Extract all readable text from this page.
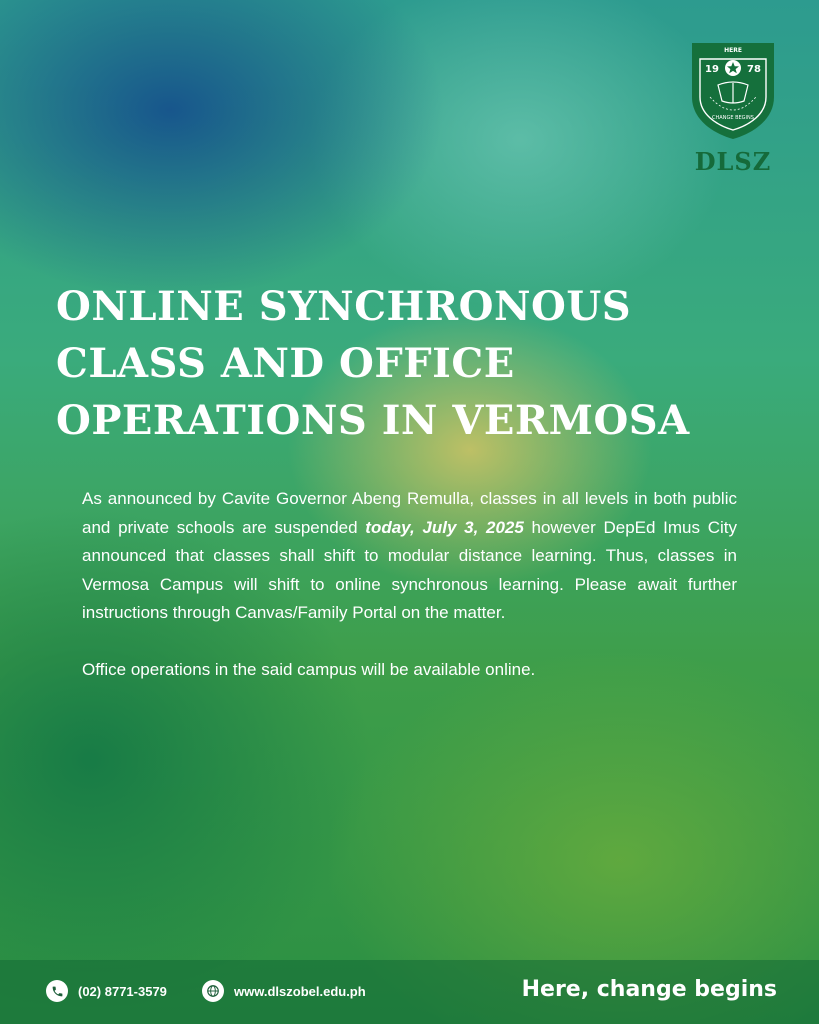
HERE
19	78
CHANGE BEGINS
DLSZ
ONLINE SYNCHRONOUS
CLASS AND OFFICE
OPERATIONS IN VERMOSA

As announced by Cavite Governor Abeng Remulla, classes in all levels in both public and private schools are suspended today, July 3, 2025 however DepEd Imus City announced that classes shall shift to modular distance learning. Thus, classes in Vermosa Campus will shift to online synchronous learning. Please await further instructions through Canvas/Family Portal on the matter.

Office operations in the said campus will be available online.

(02) 8771-3579	www.dlszobel.edu.ph	Here, change begins
